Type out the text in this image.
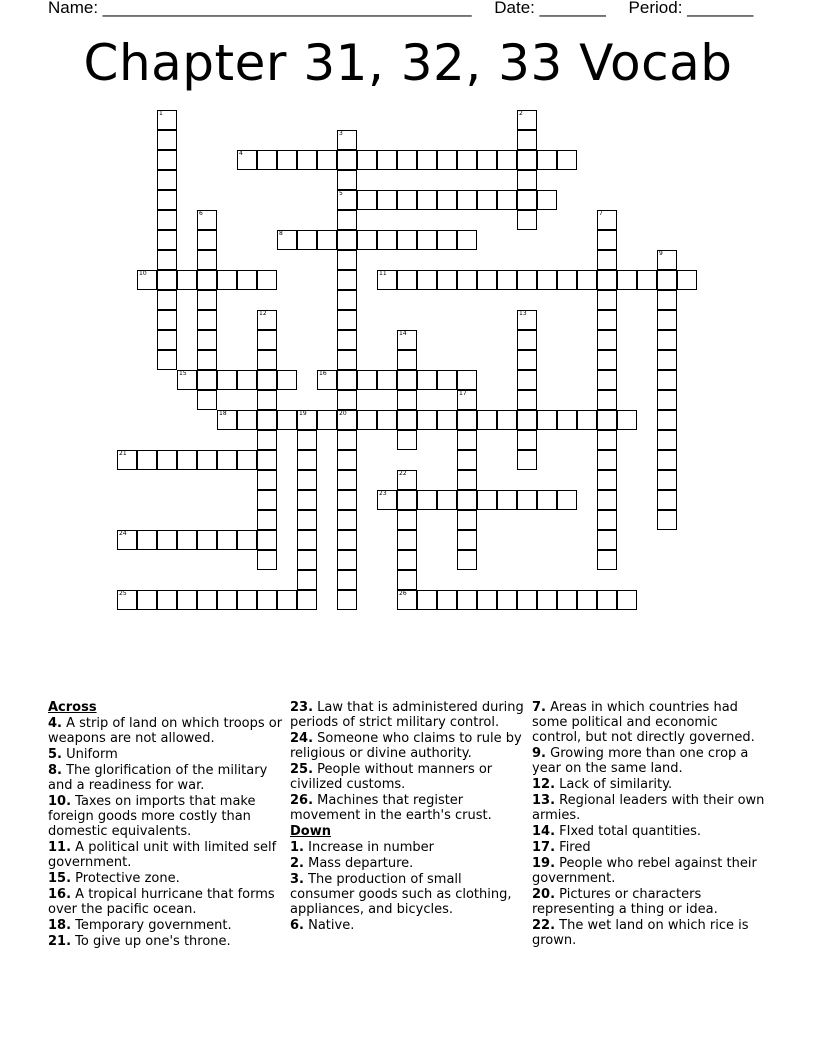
Name: _______________________________________ Date: _______ Period: _______
Chapter 31, 32, 33 Vocab
1	2
3
5
20
4
6	7
8
9
10	11
12	13
14
15	16
17
18	19
21
22
23
24
25	26
Across
4. A strip of land on which troops or weapons are not allowed.
5. Uniform
8. The glorification of the military and a readiness for war.
10. Taxes on imports that make foreign goods more costly than domestic equivalents.
11. A political unit with limited self government.
15. Protective zone.
16. A tropical hurricane that forms over the pacific ocean.
18. Temporary government.
21. To give up one's throne.
23. Law that is administered during periods of strict military control.
24. Someone who claims to rule by religious or divine authority.
25. People without manners or civilized customs.
26. Machines that register movement in the earth's crust.
Down
1. Increase in number
2. Mass departure.
3. The production of small consumer goods such as clothing, appliances, and bicycles.
6. Native.
7. Areas in which countries had some political and economic control, but not directly governed.
9. Growing more than one crop a year on the same land.
12. Lack of similarity.
13. Regional leaders with their own armies.
14. FIxed total quantities.
17. Fired
19. People who rebel against their government.
20. Pictures or characters representing a thing or idea.
22. The wet land on which rice is grown.
